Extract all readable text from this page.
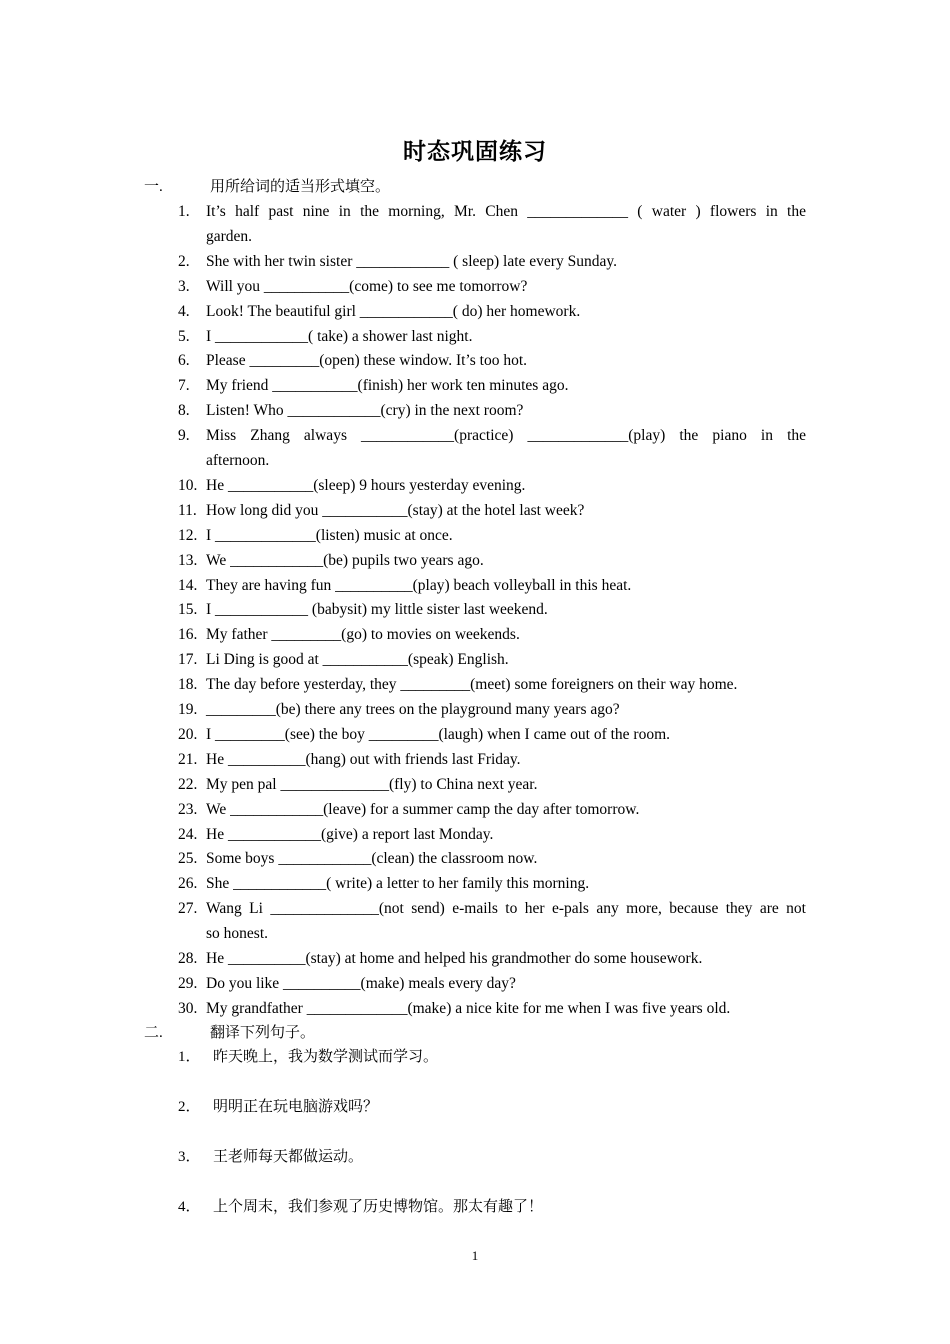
时态巩固练习
一.	用所给词的适当形式填空。
1.	It’s half past nine in the morning, Mr. Chen _____________ ( water ) flowers in the
garden.
2.	She with her twin sister ____________ ( sleep) late every Sunday.
3.	Will you ___________(come) to see me tomorrow?
4.	Look! The beautiful girl ____________( do) her homework.
5.	I ____________( take) a shower last night.
6.	Please _________(open) these window. It’s too hot.
7.	My friend ___________(finish) her work ten minutes ago.
8.	Listen! Who ____________(cry) in the next room?
9.	Miss Zhang always ____________(practice) _____________(play) the piano in the
afternoon.
10. He ___________(sleep) 9 hours yesterday evening.
11. How long did you ___________(stay) at the hotel last week?
12. I _____________(listen) music at once.
13. We ____________(be) pupils two years ago.
14. They are having fun __________(play) beach volleyball in this heat.
15. I ____________ (babysit) my little sister last weekend.
16. My father _________(go) to movies on weekends.
17. Li Ding is good at ___________(speak) English.
18. The day before yesterday, they _________(meet) some foreigners on their way home.
19. _________(be) there any trees on the playground many years ago?
20. I _________(see) the boy _________(laugh) when I came out of the room.
21. He __________(hang) out with friends last Friday.
22. My pen pal ______________(fly) to China next year.
23. We ____________(leave) for a summer camp the day after tomorrow.
24. He ____________(give) a report last Monday.
25. Some boys ____________(clean) the classroom now.
26. She ____________( write) a letter to her family this morning.
27. Wang Li ______________(not send) e-mails to her e-pals any more, because they are not
so honest.
28. He __________(stay) at home and helped his grandmother do some housework.
29. Do you like __________(make) meals every day?
30. My grandfather _____________(make) a nice kite for me when I was five years old.
二.	翻译下列句子。
1． 昨天晚上，我为数学测试而学习。
2． 明明正在玩电脑游戏吗？
3． 王老师每天都做运动。
4． 上个周末，我们参观了历史博物馆。那太有趣了！
1
